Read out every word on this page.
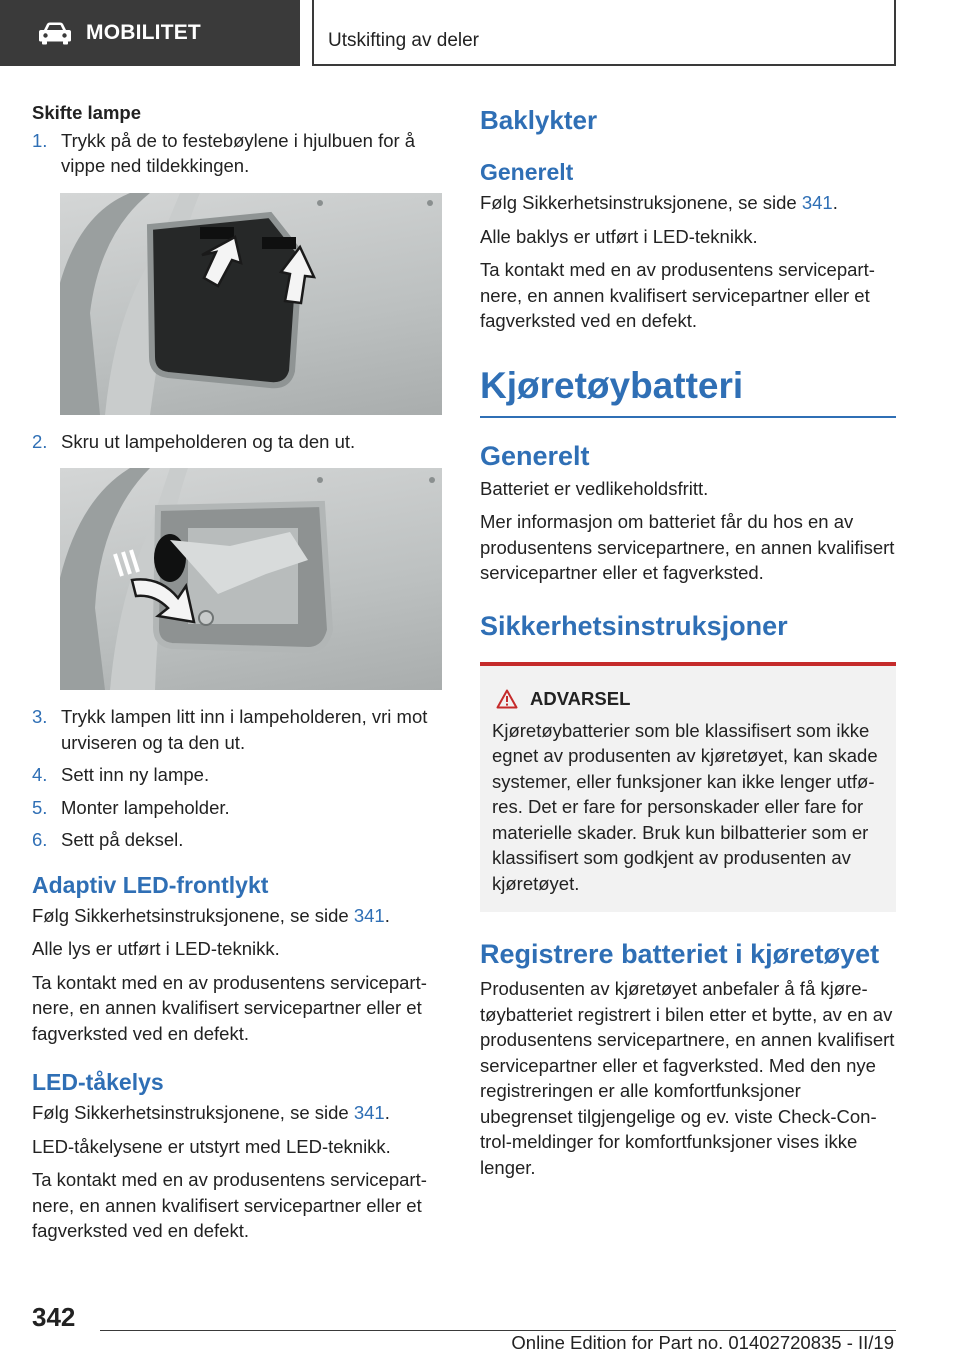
MOBILITET	Utskifting av deler
Skifte lampe
1. Trykk på de to festebøylene i hjulbuen for å vippe ned tildekkingen.
2. Skru ut lampeholderen og ta den ut.
3. Trykk lampen litt inn i lampeholderen, vri mot urviseren og ta den ut.
4. Sett inn ny lampe.
5. Monter lampeholder.
6. Sett på deksel.
Adaptiv LED-frontlykt
Følg Sikkerhetsinstruksjonene, se side 341.
Alle lys er utført i LED-teknikk.
Ta kontakt med en av produsentens servicepartnere, en annen kvalifisert servicepartner eller et fagverksted ved en defekt.
LED-tåkelys
Følg Sikkerhetsinstruksjonene, se side 341.
LED-tåkelysene er utstyrt med LED-teknikk.
Ta kontakt med en av produsentens servicepartnere, en annen kvalifisert servicepartner eller et fagverksted ved en defekt.
Baklykter
Generelt
Følg Sikkerhetsinstruksjonene, se side 341.
Alle baklys er utført i LED-teknikk.
Ta kontakt med en av produsentens servicepartnere, en annen kvalifisert servicepartner eller et fagverksted ved en defekt.
Kjøretøybatteri
Generelt
Batteriet er vedlikeholdsfritt.
Mer informasjon om batteriet får du hos en av produsentens servicepartnere, en annen kvalifisert servicepartner eller et fagverksted.
Sikkerhetsinstruksjoner
ADVARSEL
Kjøretøybatterier som ble klassifisert som ikke egnet av produsenten av kjøretøyet, kan skade systemer, eller funksjoner kan ikke lenger utføres. Det er fare for personskader eller fare for materielle skader. Bruk kun bilbatterier som er klassifisert som godkjent av produsenten av kjøretøyet.
Registrere batteriet i kjøretøyet
Produsenten av kjøretøyet anbefaler å få kjøretøybatteriet registrert i bilen etter et bytte, av en av produsentens servicepartnere, en annen kvalifisert servicepartner eller et fagverksted. Med den nye registreringen er alle komfortfunksjoner ubegrenset tilgjengelige og ev. viste Check-Control-meldinger for komfortfunksjoner vises ikke lenger.
342
Online Edition for Part no. 01402720835 - II/19
